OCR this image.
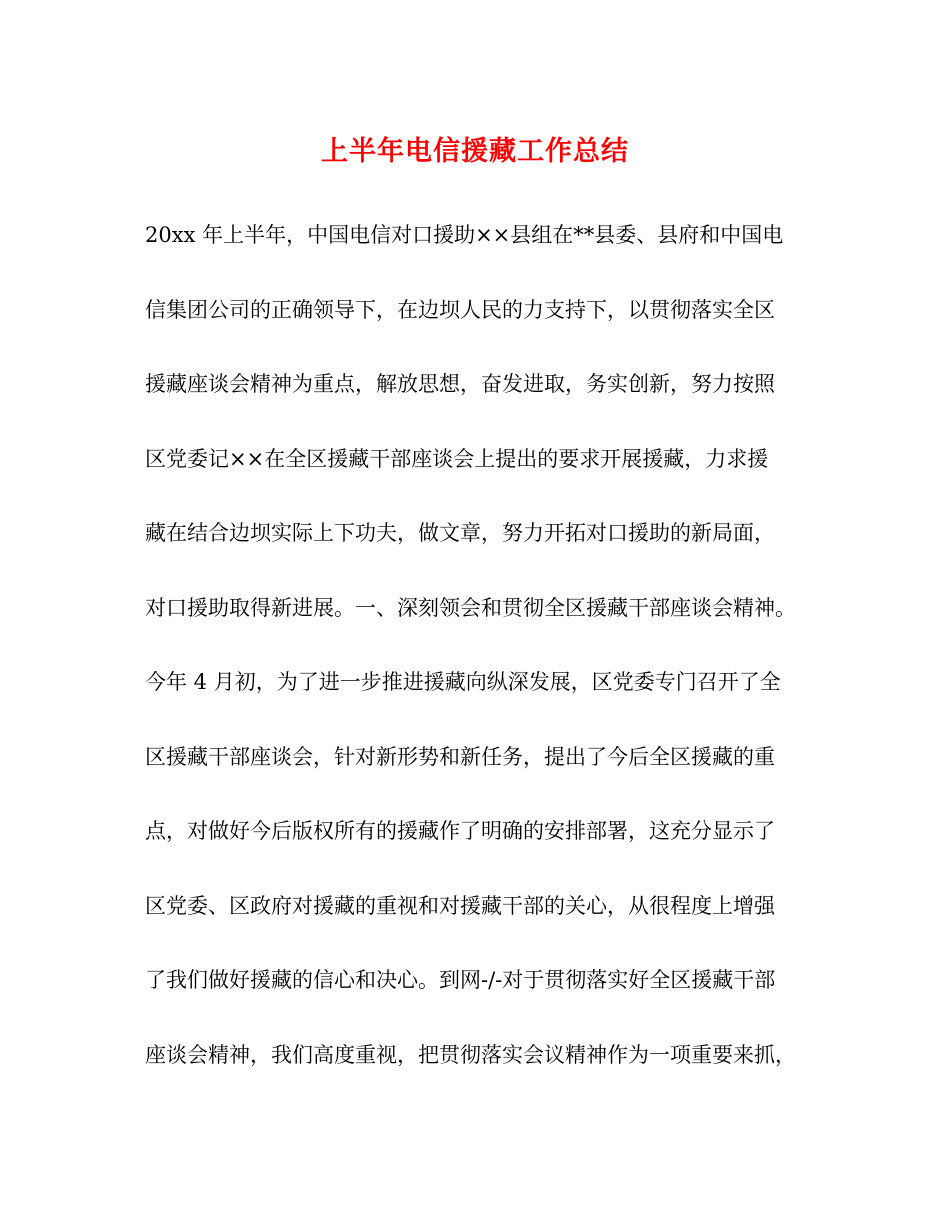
上半年电信援藏工作总结
20xx 年上半年，中国电信对口援助××县组在**县委、县府和中国电
信集团公司的正确领导下，在边坝人民的力支持下，以贯彻落实全区
援藏座谈会精神为重点，解放思想，奋发进取，务实创新，努力按照
区党委记××在全区援藏干部座谈会上提出的要求开展援藏，力求援
藏在结合边坝实际上下功夫，做文章，努力开拓对口援助的新局面，
对口援助取得新进展。一、深刻领会和贯彻全区援藏干部座谈会精神。
今年 4 月初，为了进一步推进援藏向纵深发展，区党委专门召开了全
区援藏干部座谈会，针对新形势和新任务，提出了今后全区援藏的重
点，对做好今后版权所有的援藏作了明确的安排部署，这充分显示了
区党委、区政府对援藏的重视和对援藏干部的关心，从很程度上增强
了我们做好援藏的信心和决心。到网-/-对于贯彻落实好全区援藏干部
座谈会精神，我们高度重视，把贯彻落实会议精神作为一项重要来抓，
